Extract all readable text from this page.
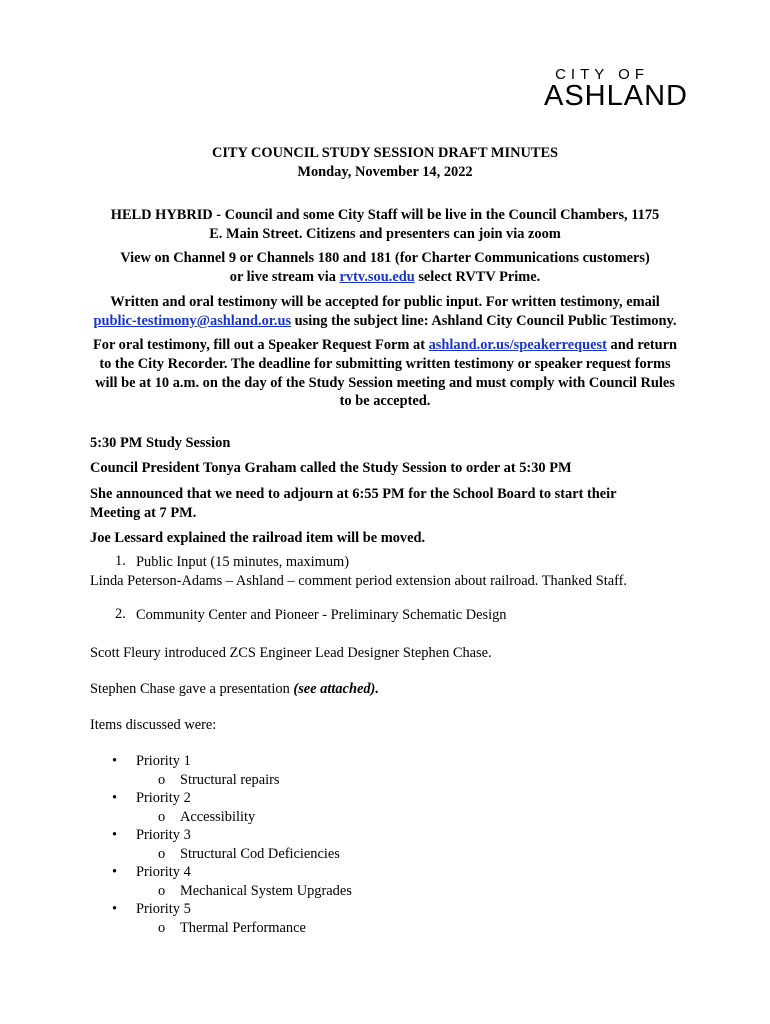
CITY OF
ASHLAND
CITY COUNCIL STUDY SESSION DRAFT MINUTES
Monday, November 14, 2022
HELD HYBRID - Council and some City Staff will be live in the Council Chambers, 1175
E. Main Street. Citizens and presenters can join via zoom
View on Channel 9 or Channels 180 and 181 (for Charter Communications customers)
or live stream via rvtv.sou.edu select RVTV Prime.
Written and oral testimony will be accepted for public input. For written testimony, email
public-testimony@ashland.or.us using the subject line: Ashland City Council Public Testimony.
For oral testimony, fill out a Speaker Request Form at ashland.or.us/speakerrequest and return
to the City Recorder. The deadline for submitting written testimony or speaker request forms
will be at 10 a.m. on the day of the Study Session meeting and must comply with Council Rules
to be accepted.
5:30 PM Study Session
Council President Tonya Graham called the Study Session to order at 5:30 PM
She announced that we need to adjourn at 6:55 PM for the School Board to start their
Meeting at 7 PM.
Joe Lessard explained the railroad item will be moved.
1. Public Input (15 minutes, maximum)
Linda Peterson-Adams – Ashland – comment period extension about railroad. Thanked Staff.
2. Community Center and Pioneer - Preliminary Schematic Design
Scott Fleury introduced ZCS Engineer Lead Designer Stephen Chase.
Stephen Chase gave a presentation (see attached).
Items discussed were:
• Priority 1
o Structural repairs
• Priority 2
o Accessibility
• Priority 3
o Structural Cod Deficiencies
• Priority 4
o Mechanical System Upgrades
• Priority 5
o Thermal Performance
